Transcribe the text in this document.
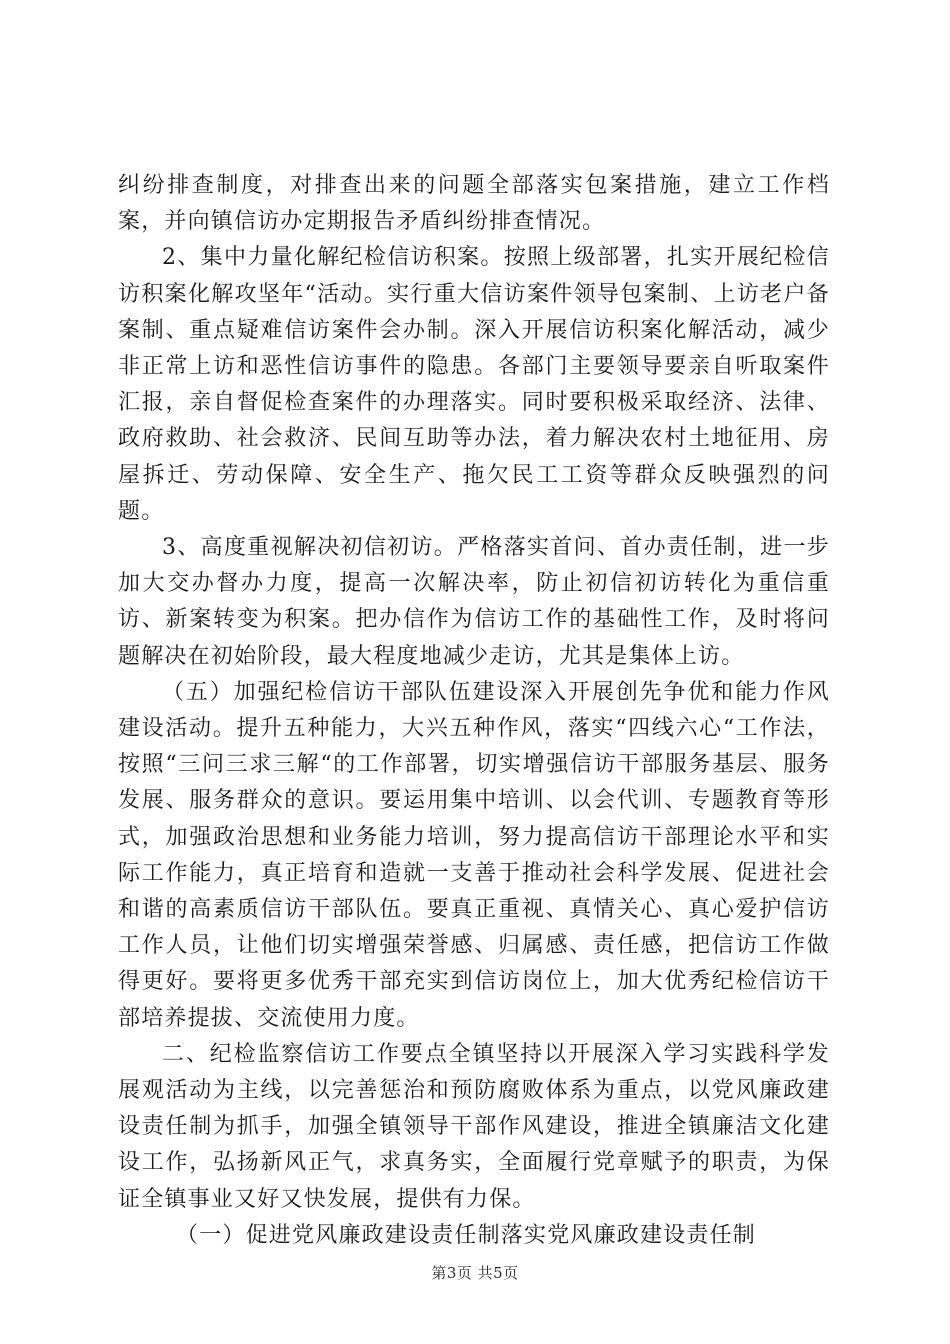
纠纷排查制度，对排查出来的问题全部落实包案措施，建立工作档案，并向镇信访办定期报告矛盾纠纷排查情况。

2、集中力量化解纪检信访积案。按照上级部署，扎实开展纪检信访积案化解攻坚年“活动。实行重大信访案件领导包案制、上访老户备案制、重点疑难信访案件会办制。深入开展信访积案化解活动，减少非正常上访和恶性信访事件的隐患。各部门主要领导要亲自听取案件汇报，亲自督促检查案件的办理落实。同时要积极采取经济、法律、政府救助、社会救济、民间互助等办法，着力解决农村土地征用、房屋拆迁、劳动保障、安全生产、拖欠民工工资等群众反映强烈的问题。

3、高度重视解决初信初访。严格落实首问、首办责任制，进一步加大交办督办力度，提高一次解决率，防止初信初访转化为重信重访、新案转变为积案。把办信作为信访工作的基础性工作，及时将问题解决在初始阶段，最大程度地减少走访，尤其是集体上访。

（五）加强纪检信访干部队伍建设深入开展创先争优和能力作风建设活动。提升五种能力，大兴五种作风，落实“四线六心“工作法，按照“三问三求三解“的工作部署，切实增强信访干部服务基层、服务发展、服务群众的意识。要运用集中培训、以会代训、专题教育等形式，加强政治思想和业务能力培训，努力提高信访干部理论水平和实际工作能力，真正培育和造就一支善于推动社会科学发展、促进社会和谐的高素质信访干部队伍。要真正重视、真情关心、真心爱护信访工作人员，让他们切实增强荣誉感、归属感、责任感，把信访工作做得更好。要将更多优秀干部充实到信访岗位上，加大优秀纪检信访干部培养提拔、交流使用力度。

二、纪检监察信访工作要点全镇坚持以开展深入学习实践科学发展观活动为主线，以完善惩治和预防腐败体系为重点，以党风廉政建设责任制为抓手，加强全镇领导干部作风建设，推进全镇廉洁文化建设工作，弘扬新风正气，求真务实，全面履行党章赋予的职责，为保证全镇事业又好又快发展，提供有力保。

（一）促进党风廉政建设责任制落实党风廉政建设责任制

第3页 共5页
